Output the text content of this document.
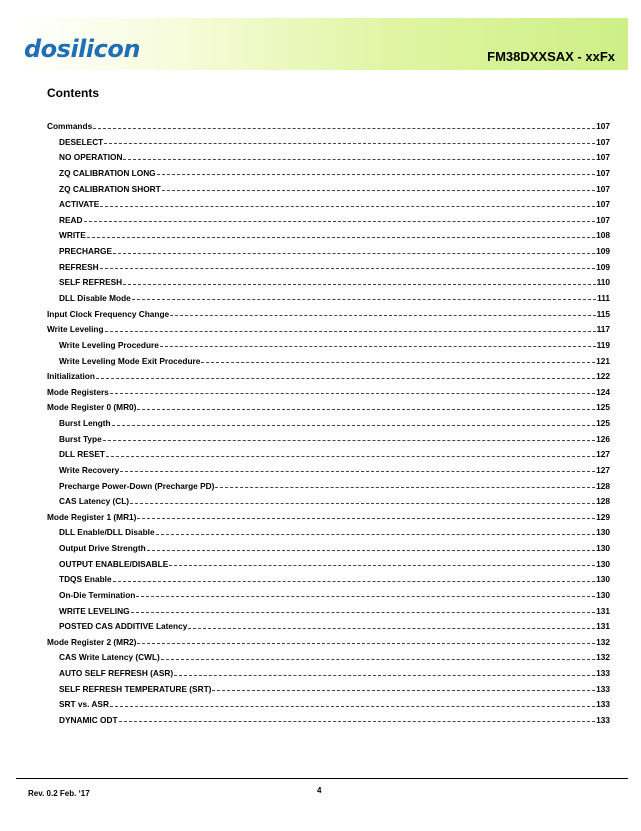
dosilicon	FM38DXXSAX - xxFx
Contents
Commands	107
DESELECT	107
NO OPERATION	107
ZQ CALIBRATION LONG	107
ZQ CALIBRATION SHORT	107
ACTIVATE	107
READ	107
WRITE	108
PRECHARGE	109
REFRESH	109
SELF REFRESH	110
DLL Disable Mode	111
Input Clock Frequency Change	115
Write Leveling	117
Write Leveling Procedure	119
Write Leveling Mode Exit Procedure	121
Initialization	122
Mode Registers	124
Mode Register 0 (MR0)	125
Burst Length	125
Burst Type	126
DLL RESET	127
Write Recovery	127
Precharge Power-Down (Precharge PD)	128
CAS Latency (CL)	128
Mode Register 1 (MR1)	129
DLL Enable/DLL Disable	130
Output Drive Strength	130
OUTPUT ENABLE/DISABLE	130
TDQS Enable	130
On-Die Termination	130
WRITE LEVELING	131
POSTED CAS ADDITIVE Latency	131
Mode Register 2 (MR2)	132
CAS Write Latency (CWL)	132
AUTO SELF REFRESH (ASR)	133
SELF REFRESH TEMPERATURE (SRT)	133
SRT vs. ASR	133
DYNAMIC ODT	133
Rev. 0.2 Feb. ‘17	4
